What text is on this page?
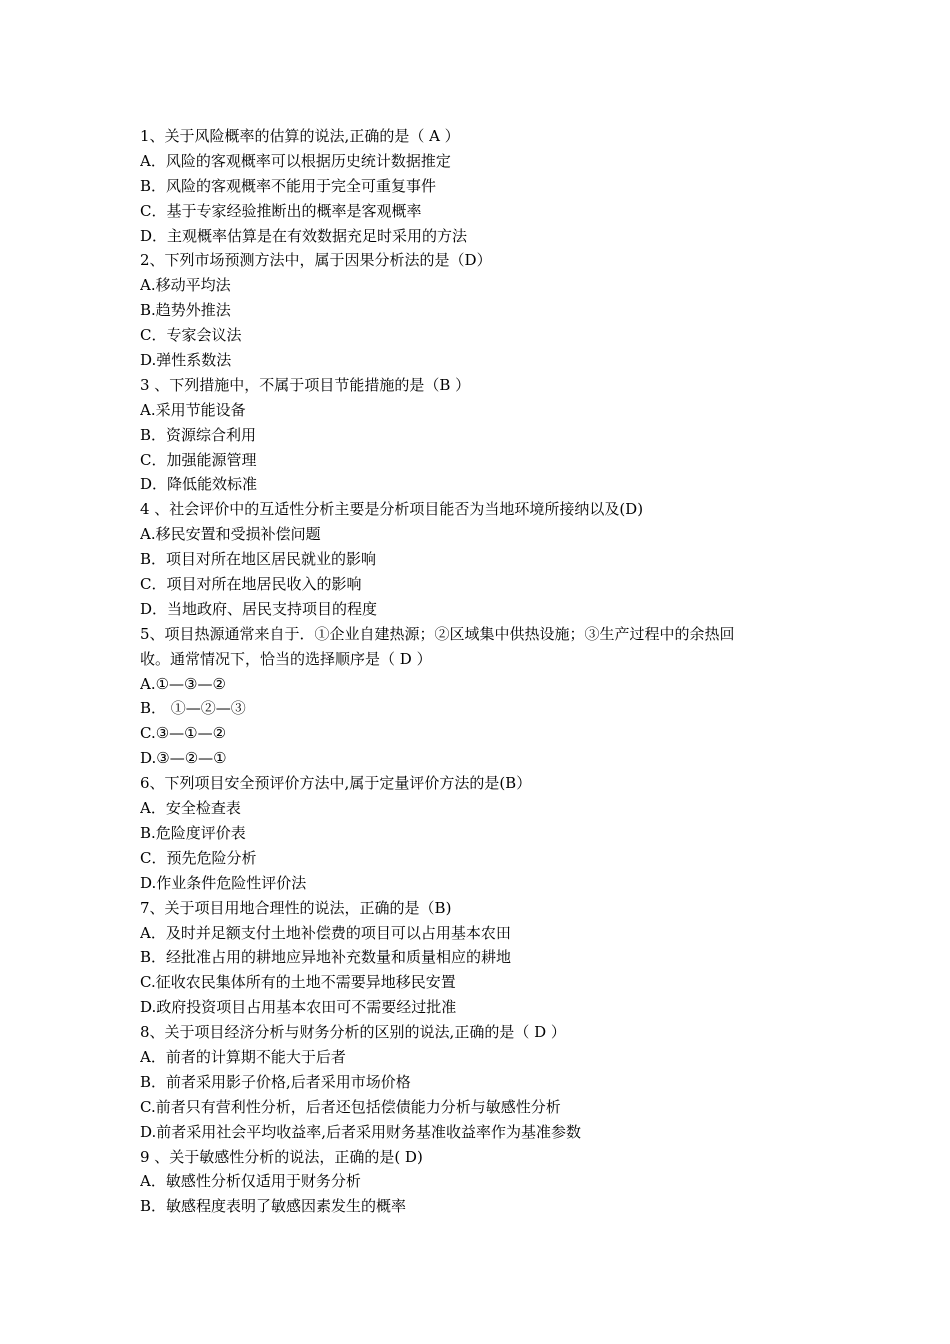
1、关于风险概率的估算的说法,正确的是（ A ）
A．风险的客观概率可以根据历史统计数据推定
B．风险的客观概率不能用于完全可重复事件
C．基于专家经验推断出的概率是客观概率
D．主观概率估算是在有效数据充足时采用的方法
2、下列市场预测方法中，属于因果分析法的是（D）
A.移动平均法
B.趋势外推法
C．专家会议法
D.弹性系数法
3 、下列措施中，不属于项目节能措施的是（B ）
A.采用节能设备
B．资源综合利用
C．加强能源管理
D．降低能效标准
4 、社会评价中的互适性分析主要是分析项目能否为当地环境所接纳以及(D)
A.移民安置和受损补偿问题
B．项目对所在地区居民就业的影响
C．项目对所在地居民收入的影响
D．当地政府、居民支持项目的程度
5、项目热源通常来自于．①企业自建热源；②区域集中供热设施；③生产过程中的余热回
收。通常情况下，恰当的选择顺序是（ D ）
A.①—③—②
B． ①—②—③
C.③—①—②
D.③—②—①
6、下列项目安全预评价方法中,属于定量评价方法的是(B）
A．安全检查表
B.危险度评价表
C．预先危险分析
D.作业条件危险性评价法
7、关于项目用地合理性的说法，正确的是（B)
A．及时并足额支付土地补偿费的项目可以占用基本农田
B．经批准占用的耕地应异地补充数量和质量相应的耕地
C.征收农民集体所有的土地不需要异地移民安置
D.政府投资项目占用基本农田可不需要经过批准
8、关于项目经济分析与财务分析的区别的说法,正确的是（ D ）
A．前者的计算期不能大于后者
B．前者采用影子价格,后者采用市场价格
C.前者只有营利性分析，后者还包括偿债能力分析与敏感性分析
D.前者采用社会平均收益率,后者采用财务基准收益率作为基准参数
9 、关于敏感性分析的说法，正确的是( D)
A．敏感性分析仅适用于财务分析
B．敏感程度表明了敏感因素发生的概率
